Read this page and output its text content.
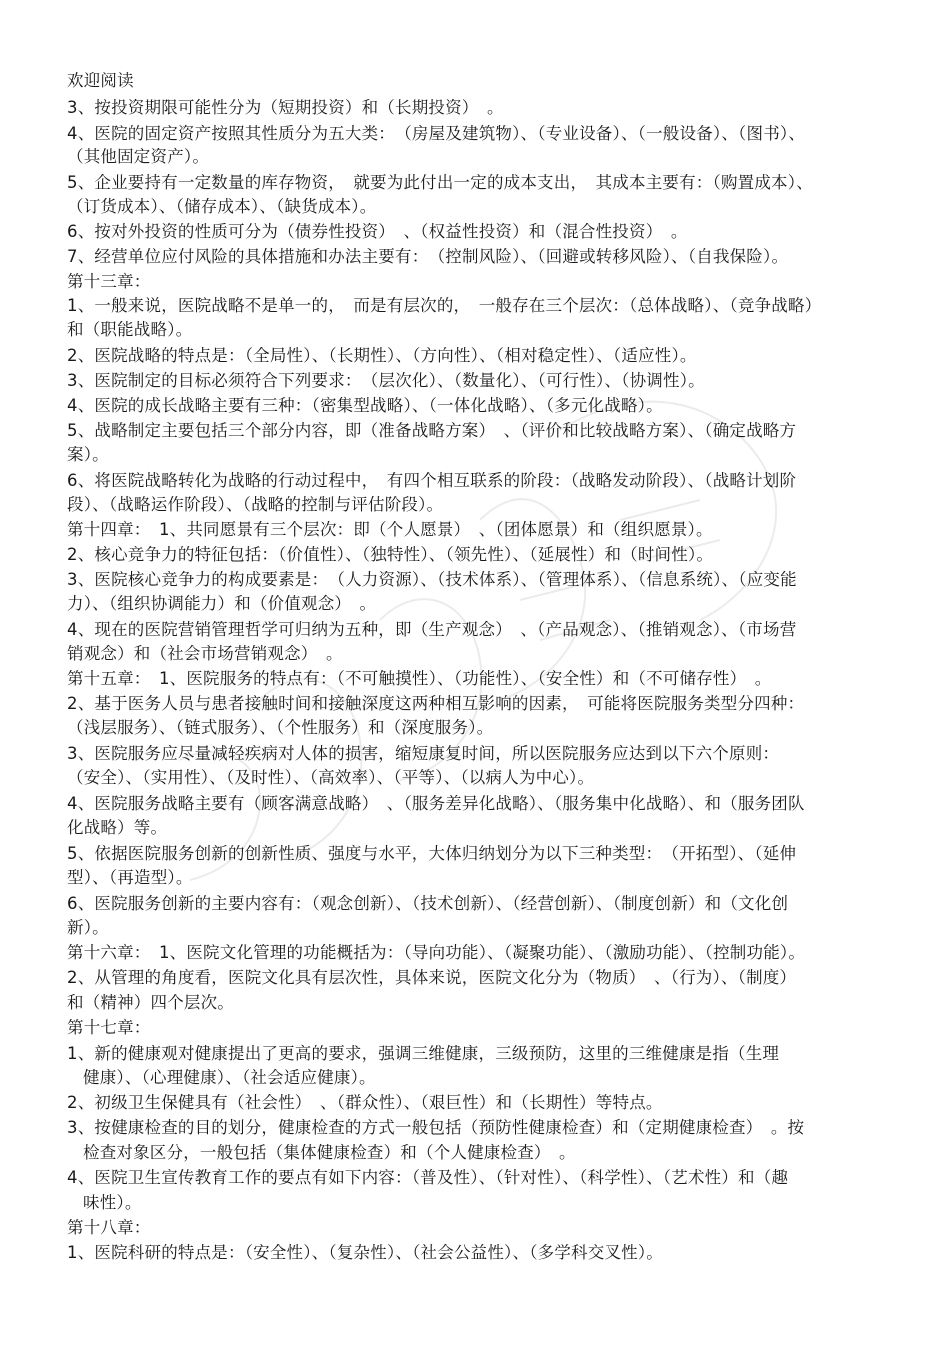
欢迎阅读
3、按投资期限可能性分为（短期投资）和（长期投资）　。
4、医院的固定资产按照其性质分为五大类：　（房屋及建筑物）、（专业设备）、（一般设备）、（图书）、
（其他固定资产）。
5、企业要持有一定数量的库存物资，　就要为此付出一定的成本支出，　其成本主要有：（购置成本）、
（订货成本）、（储存成本）、（缺货成本）。
6、按对外投资的性质可分为（债券性投资）　、（权益性投资）和（混合性投资）　。
7、经营单位应付风险的具体措施和办法主要有：　（控制风险）、（回避或转移风险）、（自我保险）。
第十三章：
1、一般来说，医院战略不是单一的，　而是有层次的，　一般存在三个层次：（总体战略）、（竞争战略）
和（职能战略）。
2、医院战略的特点是：（全局性）、（长期性）、（方向性）、（相对稳定性）、（适应性）。
3、医院制定的目标必须符合下列要求：　（层次化）、（数量化）、（可行性）、（协调性）。
4、医院的成长战略主要有三种：（密集型战略）、（一体化战略）、（多元化战略）。
5、战略制定主要包括三个部分内容，即（准备战略方案）　、（评价和比较战略方案）、（确定战略方
案）。
6、将医院战略转化为战略的行动过程中，　有四个相互联系的阶段：（战略发动阶段）、（战略计划阶
段）、（战略运作阶段）、（战略的控制与评估阶段）。
第十四章：　1、共同愿景有三个层次：即（个人愿景）　、（团体愿景）和（组织愿景）。
2、核心竞争力的特征包括：（价值性）、（独特性）、（领先性）、（延展性）和（时间性）。
3、医院核心竞争力的构成要素是：　（人力资源）、（技术体系）、（管理体系）、（信息系统）、（应变能
力）、（组织协调能力）和（价值观念）　。
4、现在的医院营销管理哲学可归纳为五种，即（生产观念）　、（产品观念）、（推销观念）、（市场营
销观念）和（社会市场营销观念）　。
第十五章：　1、医院服务的特点有：（不可触摸性）、（功能性）、（安全性）和（不可储存性）　。
2、基于医务人员与患者接触时间和接触深度这两种相互影响的因素，　可能将医院服务类型分四种：
（浅层服务）、（链式服务）、（个性服务）和（深度服务）。
3、医院服务应尽量减轻疾病对人体的损害，缩短康复时间，所以医院服务应达到以下六个原则：
（安全）、（实用性）、（及时性）、（高效率）、（平等）、（以病人为中心）。
4、医院服务战略主要有（顾客满意战略）　、（服务差异化战略）、（服务集中化战略）、和（服务团队
化战略）等。
5、依据医院服务创新的创新性质、强度与水平，大体归纳划分为以下三种类型：　（开拓型）、（延伸
型）、（再造型）。
6、医院服务创新的主要内容有：（观念创新）、（技术创新）、（经营创新）、（制度创新）和（文化创
新）。
第十六章：　1、医院文化管理的功能概括为：（导向功能）、（凝聚功能）、（激励功能）、（控制功能）。
2、从管理的角度看，医院文化具有层次性，具体来说，医院文化分为（物质）　、（行为）、（制度）
和（精神）四个层次。
第十七章：
1、新的健康观对健康提出了更高的要求，强调三维健康，三级预防，这里的三维健康是指（生理
健康）、（心理健康）、（社会适应健康）。
2、初级卫生保健具有（社会性）　、（群众性）、（艰巨性）和（长期性）等特点。
3、按健康检查的目的划分，健康检查的方式一般包括（预防性健康检查）和（定期健康检查）　。按
检查对象区分，一般包括（集体健康检查）和（个人健康检查）　。
4、医院卫生宣传教育工作的要点有如下内容：（普及性）、（针对性）、（科学性）、（艺术性）和（趣
味性）。
第十八章：
1、医院科研的特点是：（安全性）、（复杂性）、（社会公益性）、（多学科交叉性）。
